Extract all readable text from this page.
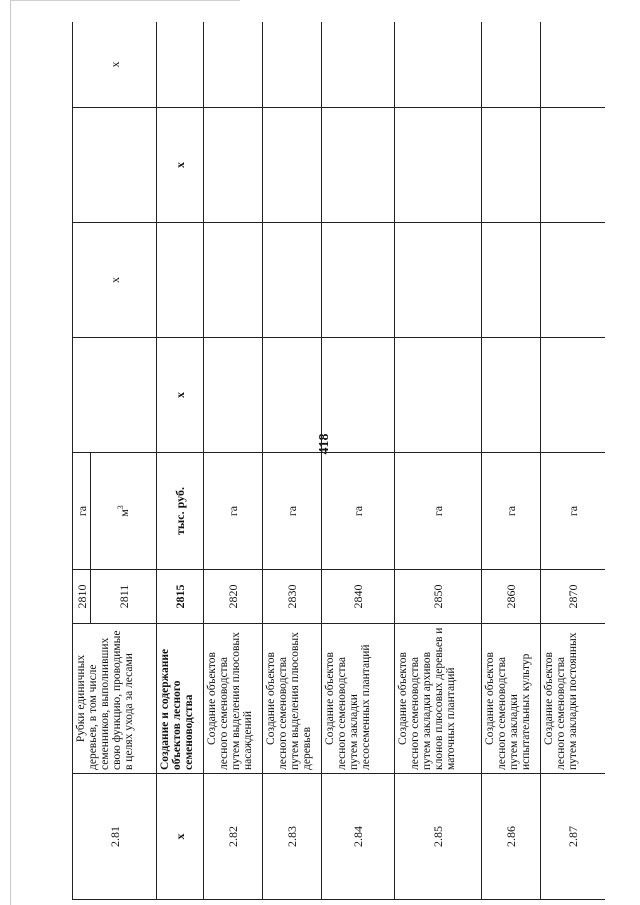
418
2.81	Рубки единичных деревьев, в том числе семенников, выполнивших свою функцию, проводимые в целях ухода за лесами	2810	га		х		х
		2811	$м^3$
х	Создание и содержание объектов лесного семеноводства	2815	тыс. руб.	х		х	
2.82	Создание объектов лесного семеноводства путем выделения плюсовых насаждений	2820	га				
2.83	Создание объектов лесного семеноводства путем выделения плюсовых деревьев	2830	га				
2.84	Создание объектов лесного семеноводства путем закладки лесосеменных плантаций	2840	га				
2.85	Создание объектов лесного семеноводства путем закладки архивов клонов плюсовых деревьев и маточных плантаций	2850	га				
2.86	Создание объектов лесного семеноводства путем закладки испытательных культур	2860	га				
2.87	Создание объектов лесного семеноводства путем закладки постоянных	2870	га				
